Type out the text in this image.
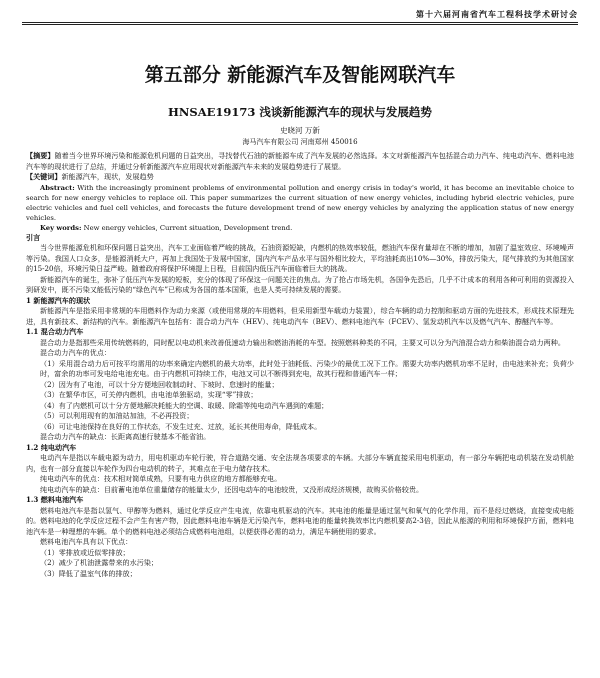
第十六届河南省汽车工程科技学术研讨会
第五部分 新能源汽车及智能网联汽车
HNSAE19173 浅谈新能源汽车的现状与发展趋势
史晓河 万新
海马汽车有限公司 河南郑州 450016

【摘要】随着当今世界环境污染和能源危机问题的日益突出，寻找替代石油的新能源车成了汽车发展的必然选择。本文对新能源汽车包括混合动力汽车、纯电动汽车、燃料电池汽车等的现状进行了总结，并通过分析新能源汽车应用现状对新能源汽车未来的发展趋势进行了展望。

【关键词】新能源汽车，现状，发展趋势

Abstract: With the increasingly prominent problems of environmental pollution and energy crisis in today's world, it has become an inevitable choice to search for new energy vehicles to replace oil. This paper summarizes the current situation of new energy vehicles, including hybrid electric vehicles, pure electric vehicles and fuel cell vehicles, and forecasts the future development trend of new energy vehicles by analyzing the application status of new energy vehicles.

Key words: New energy vehicles, Current situation, Development trend.

引言

当今世界能源危机和环保问题日益突出，汽车工业面临着严峻的挑战，石油资源短缺，内燃机的热效率较低，燃油汽车保有量却在不断的增加，加剧了温室效应、环境噪声等污染。我国人口众多，是能源消耗大户，再加上我国处于发展中国家，国内汽车产品水平与国外相比较大，平均油耗高出10%—30%，排放污染大，尾气排放约为其他国家的15-20倍，环境污染日益严峻。随着政府将保护环境提上日程，目前国内低压汽车面临着巨大的挑战。

新能源汽车的诞生，弥补了低压汽车发展的短板，充分的体现了环保这一问题关注的焦点。为了抢占市场先机，各国争先恐后，几乎不计成本的利用各种可利用的资源投入到研发中，既不污染又能低污染的“绿色汽车”已称成为各国的基本国策，也是人类可持续发展的需要。

1 新能源汽车的现状

新能源汽车是指采用非常规的车用燃料作为动力来源（或使用常规的车用燃料，但采用新型车载动力装置），综合车辆的动力控制和驱动方面的先进技术，形成技术原理先进，具有新技术、新结构的汽车。新能源汽车包括有：混合动力汽车（HEV）、纯电动汽车（BEV）、燃料电池汽车（FCEV）、氢发动机汽车以及燃气汽车、醇醚汽车等。

1.1 混合动力汽车

混合动力是指那些采用传统燃料的，同时配以电动机来改善低速动力输出和燃油消耗的车型。按照燃料种类的不同，主要又可以分为汽油混合动力和柴油混合动力两种。

混合动力汽车的优点：

（1）采用混合动力后可按平均需用的功率来确定内燃机的最大功率，此时处于油耗低、污染少的最优工况下工作。需要大功率内燃机功率不足时，由电池来补充；负荷少时，富余的功率可发电给电池充电。由于内燃机可持续工作，电池又可以不断得到充电，故其行程和普通汽车一样；

（2）因为有了电池，可以十分方便地回收制动时、下坡时、怠速时的能量；

（3）在繁华市区，可关停内燃机，由电池单独驱动，实现“零”排放；

（4）有了内燃机可以十分方便地解决耗能大的空调、取暖、除霜等纯电动汽车遇到的难题；

（5）可以利用现有的加油站加油，不必再投资；

（6）可让电池保持在良好的工作状态，不发生过充、过放，延长其使用寿命，降低成本。

混合动力汽车的缺点：长距离高速行驶基本不能省油。

1.2 纯电动汽车

电动汽车是指以车载电源为动力，用电机驱动车轮行驶，符合道路交通、安全法规各项要求的车辆。大部分车辆直接采用电机驱动，有一部分车辆把电动机装在发动机舱内，也有一部分直接以车轮作为四台电动机的转子，其难点在于电力储存技术。

纯电动汽车的优点：技术相对简单成熟，只要有电力供应的地方都能够充电。

纯电动汽车的缺点：目前蓄电池单位重量储存的能量太少，还因电动车的电池较贵，又没形成经济规模，故购买价格较贵。

1.3 燃料电池汽车

燃料电池汽车是指以氢气、甲醇等为燃料，通过化学反应产生电流，依靠电机驱动的汽车。其电池的能量是通过氢气和氧气的化学作用，而不是经过燃烧，直接变成电能的。燃料电池的化学反应过程不会产生有害产物，因此燃料电池车辆是无污染汽车，燃料电池的能量转换效率比内燃机要高2-3倍，因此从能源的利用和环境保护方面，燃料电池汽车是一种理想的车辆。单个的燃料电池必须结合成燃料电池组，以便获得必需的动力，满足车辆使用的要求。

燃料电池汽车具有以下优点：

（1）零排放或近似零排放；

（2）减少了机油泄露带来的水污染；

（3）降低了温室气体的排放；
